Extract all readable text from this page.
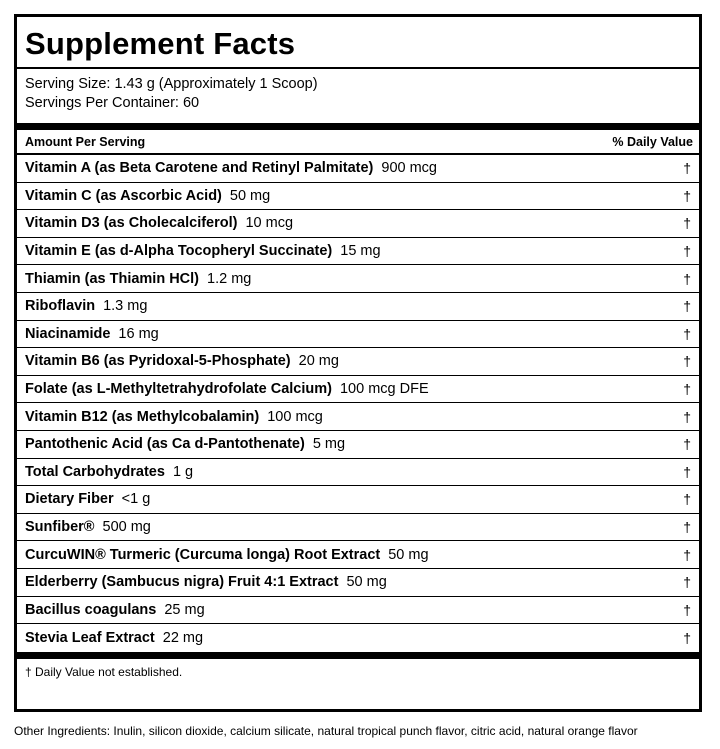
Supplement Facts
Serving Size: 1.43 g (Approximately 1 Scoop)
Servings Per Container: 60
Amount Per Serving	% Daily Value
Vitamin A (as Beta Carotene and Retinyl Palmitate) 900 mcg	†
Vitamin C (as Ascorbic Acid) 50 mg	†
Vitamin D3 (as Cholecalciferol) 10 mcg	†
Vitamin E (as d-Alpha Tocopheryl Succinate) 15 mg	†
Thiamin (as Thiamin HCl) 1.2 mg	†
Riboflavin 1.3 mg	†
Niacinamide 16 mg	†
Vitamin B6 (as Pyridoxal-5-Phosphate) 20 mg	†
Folate (as L-Methyltetrahydrofolate Calcium) 100 mcg DFE	†
Vitamin B12 (as Methylcobalamin) 100 mcg	†
Pantothenic Acid (as Ca d-Pantothenate) 5 mg	†
Total Carbohydrates 1 g	†
Dietary Fiber <1 g	†
Sunfiber® 500 mg	†
CurcuWIN® Turmeric (Curcuma longa) Root Extract 50 mg	†
Elderberry (Sambucus nigra) Fruit 4:1 Extract 50 mg	†
Bacillus coagulans 25 mg	†
Stevia Leaf Extract 22 mg	†
† Daily Value not established.
Other Ingredients: Inulin, silicon dioxide, calcium silicate, natural tropical punch flavor, citric acid, natural orange flavor
